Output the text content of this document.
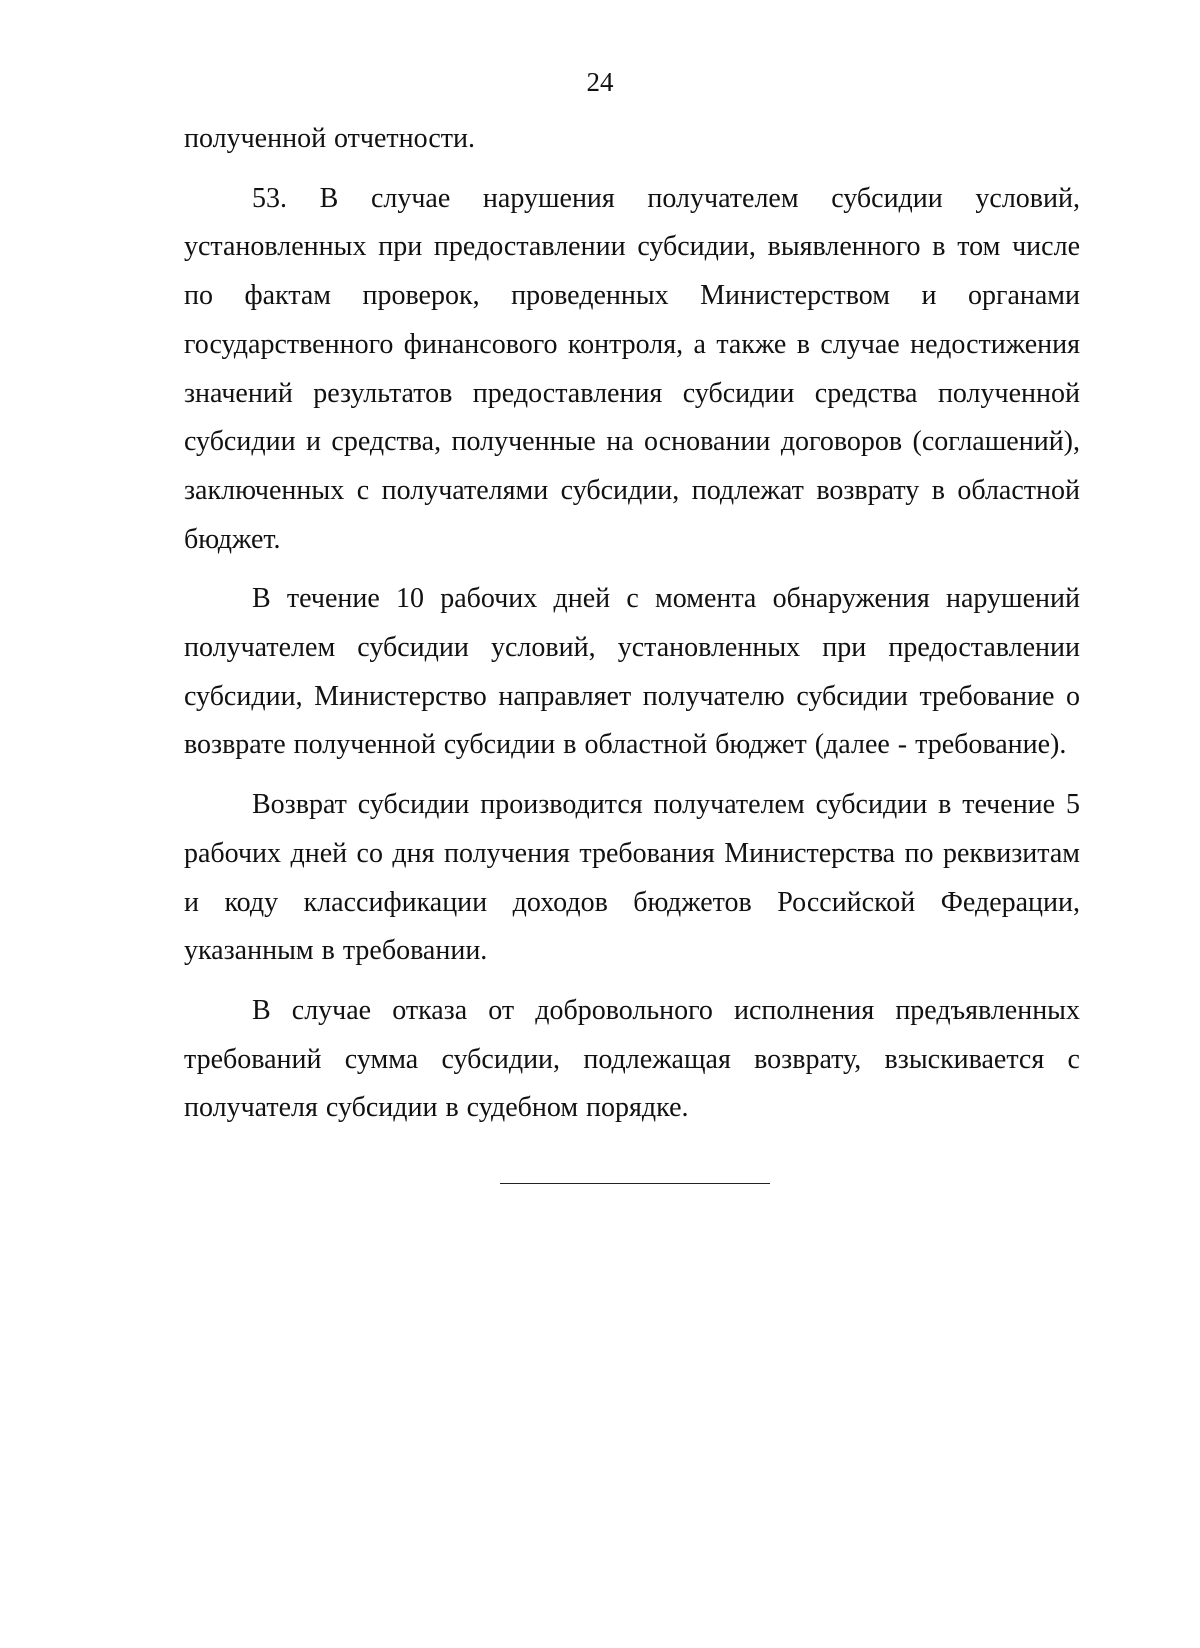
24

полученной отчетности.

53. В случае нарушения получателем субсидии условий, установленных при предоставлении субсидии, выявленного в том числе по фактам проверок, проведенных Министерством и органами государственного финансового контроля, а также в случае недостижения значений результатов предоставления субсидии средства полученной субсидии и средства, полученные на основании договоров (соглашений), заключенных с получателями субсидии, подлежат возврату в областной бюджет.

В течение 10 рабочих дней с момента обнаружения нарушений получателем субсидии условий, установленных при предоставлении субсидии, Министерство направляет получателю субсидии требование о возврате полученной субсидии в областной бюджет (далее - требование).

Возврат субсидии производится получателем субсидии в течение 5 рабочих дней со дня получения требования Министерства по реквизитам и коду классификации доходов бюджетов Российской Федерации, указанным в требовании.

В случае отказа от добровольного исполнения предъявленных требований сумма субсидии, подлежащая возврату, взыскивается с получателя субсидии в судебном порядке.
